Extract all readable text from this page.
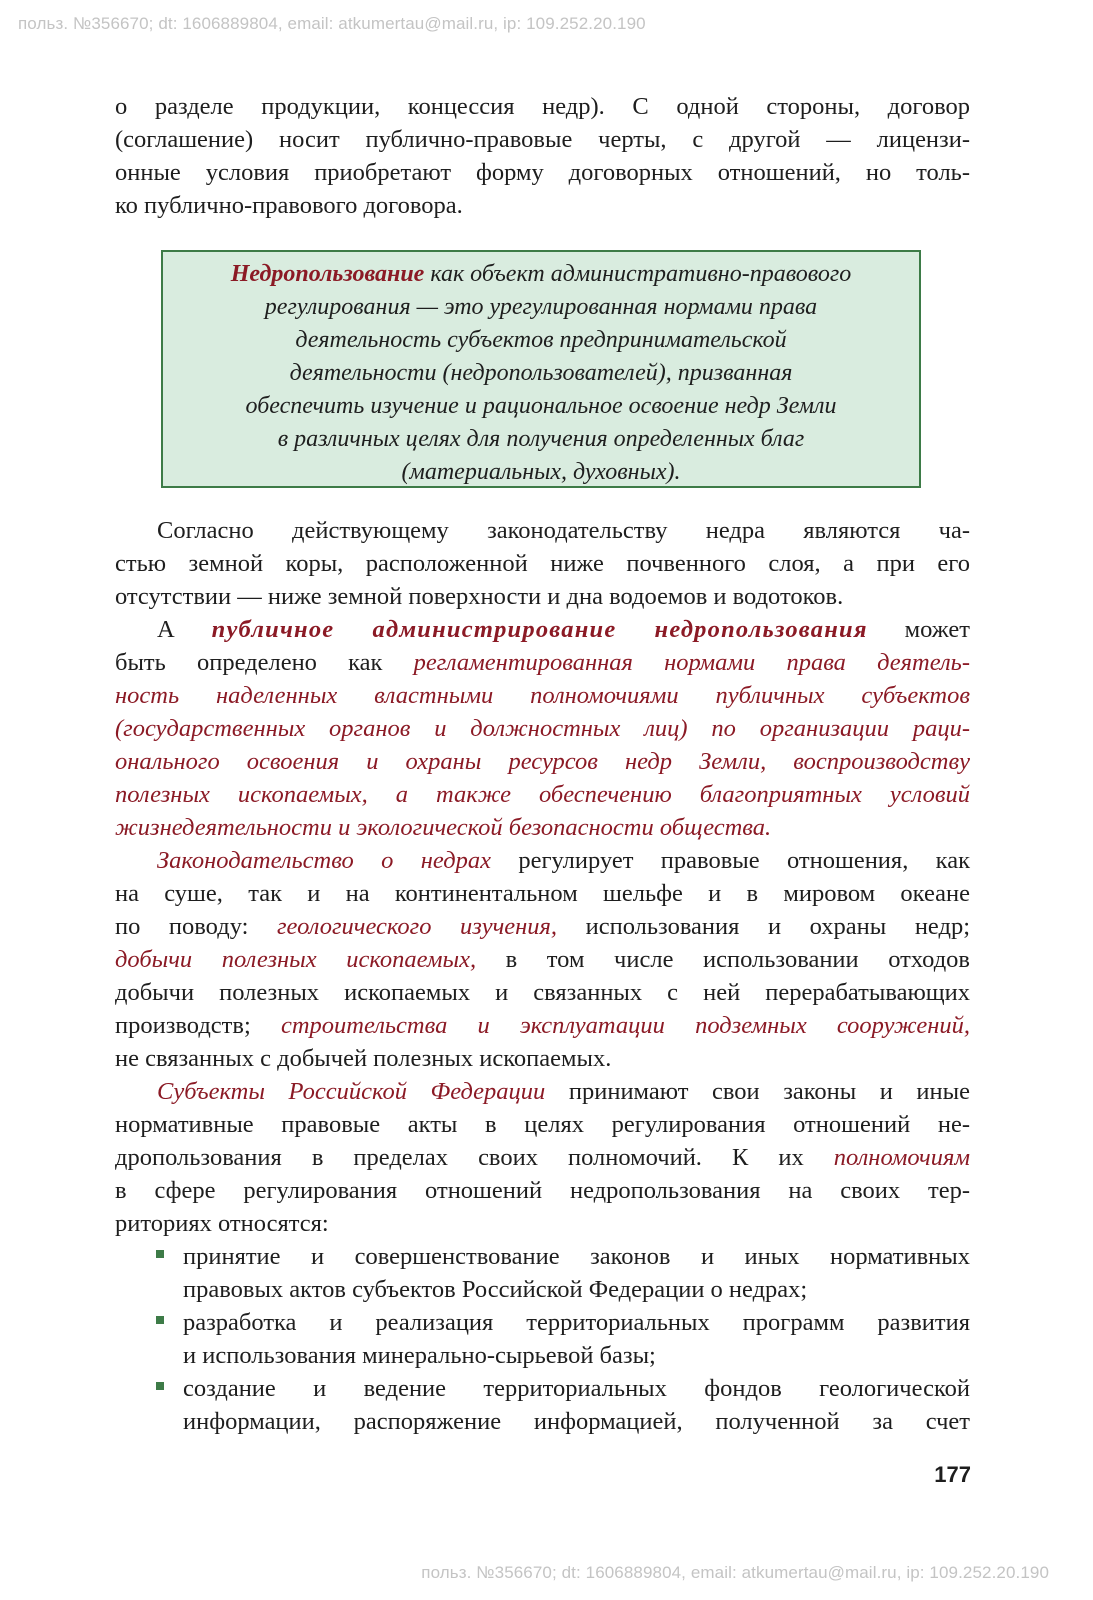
польз. №356670; dt: 1606889804, email: atkumertau@mail.ru, ip: 109.252.20.190
о разделе продукции, концессия недр). С одной стороны, договор
(соглашение) носит публично-правовые черты, с другой — лицензи-
онные условия приобретают форму договорных отношений, но толь-
ко публично-правового договора.
Недропользование как объект административно-правового
регулирования — это урегулированная нормами права
деятельность субъектов предпринимательской
деятельности (недропользователей), призванная
обеспечить изучение и рациональное освоение недр Земли
в различных целях для получения определенных благ
(материальных, духовных).
Согласно действующему законодательству недра являются ча-
стью земной коры, расположенной ниже почвенного слоя, а при его
отсутствии — ниже земной поверхности и дна водоемов и водотоков.
А публичное администрирование недропользования может
быть определено как регламентированная нормами права деятель-
ность наделенных властными полномочиями публичных субъектов
(государственных органов и должностных лиц) по организации раци-
онального освоения и охраны ресурсов недр Земли, воспроизводству
полезных ископаемых, а также обеспечению благоприятных условий
жизнедеятельности и экологической безопасности общества.
Законодательство о недрах регулирует правовые отношения, как
на суше, так и на континентальном шельфе и в мировом океане
по поводу: геологического изучения, использования и охраны недр;
добычи полезных ископаемых, в том числе использовании отходов
добычи полезных ископаемых и связанных с ней перерабатывающих
производств; строительства и эксплуатации подземных сооружений,
не связанных с добычей полезных ископаемых.
Субъекты Российской Федерации принимают свои законы и иные
нормативные правовые акты в целях регулирования отношений не-
дропользования в пределах своих полномочий. К их полномочиям
в сфере регулирования отношений недропользования на своих тер-
риториях относятся:
принятие и совершенствование законов и иных нормативных
правовых актов субъектов Российской Федерации о недрах;
разработка и реализация территориальных программ развития
и использования минерально-сырьевой базы;
создание и ведение территориальных фондов геологической
информации, распоряжение информацией, полученной за счет
177
польз. №356670; dt: 1606889804, email: atkumertau@mail.ru, ip: 109.252.20.190
